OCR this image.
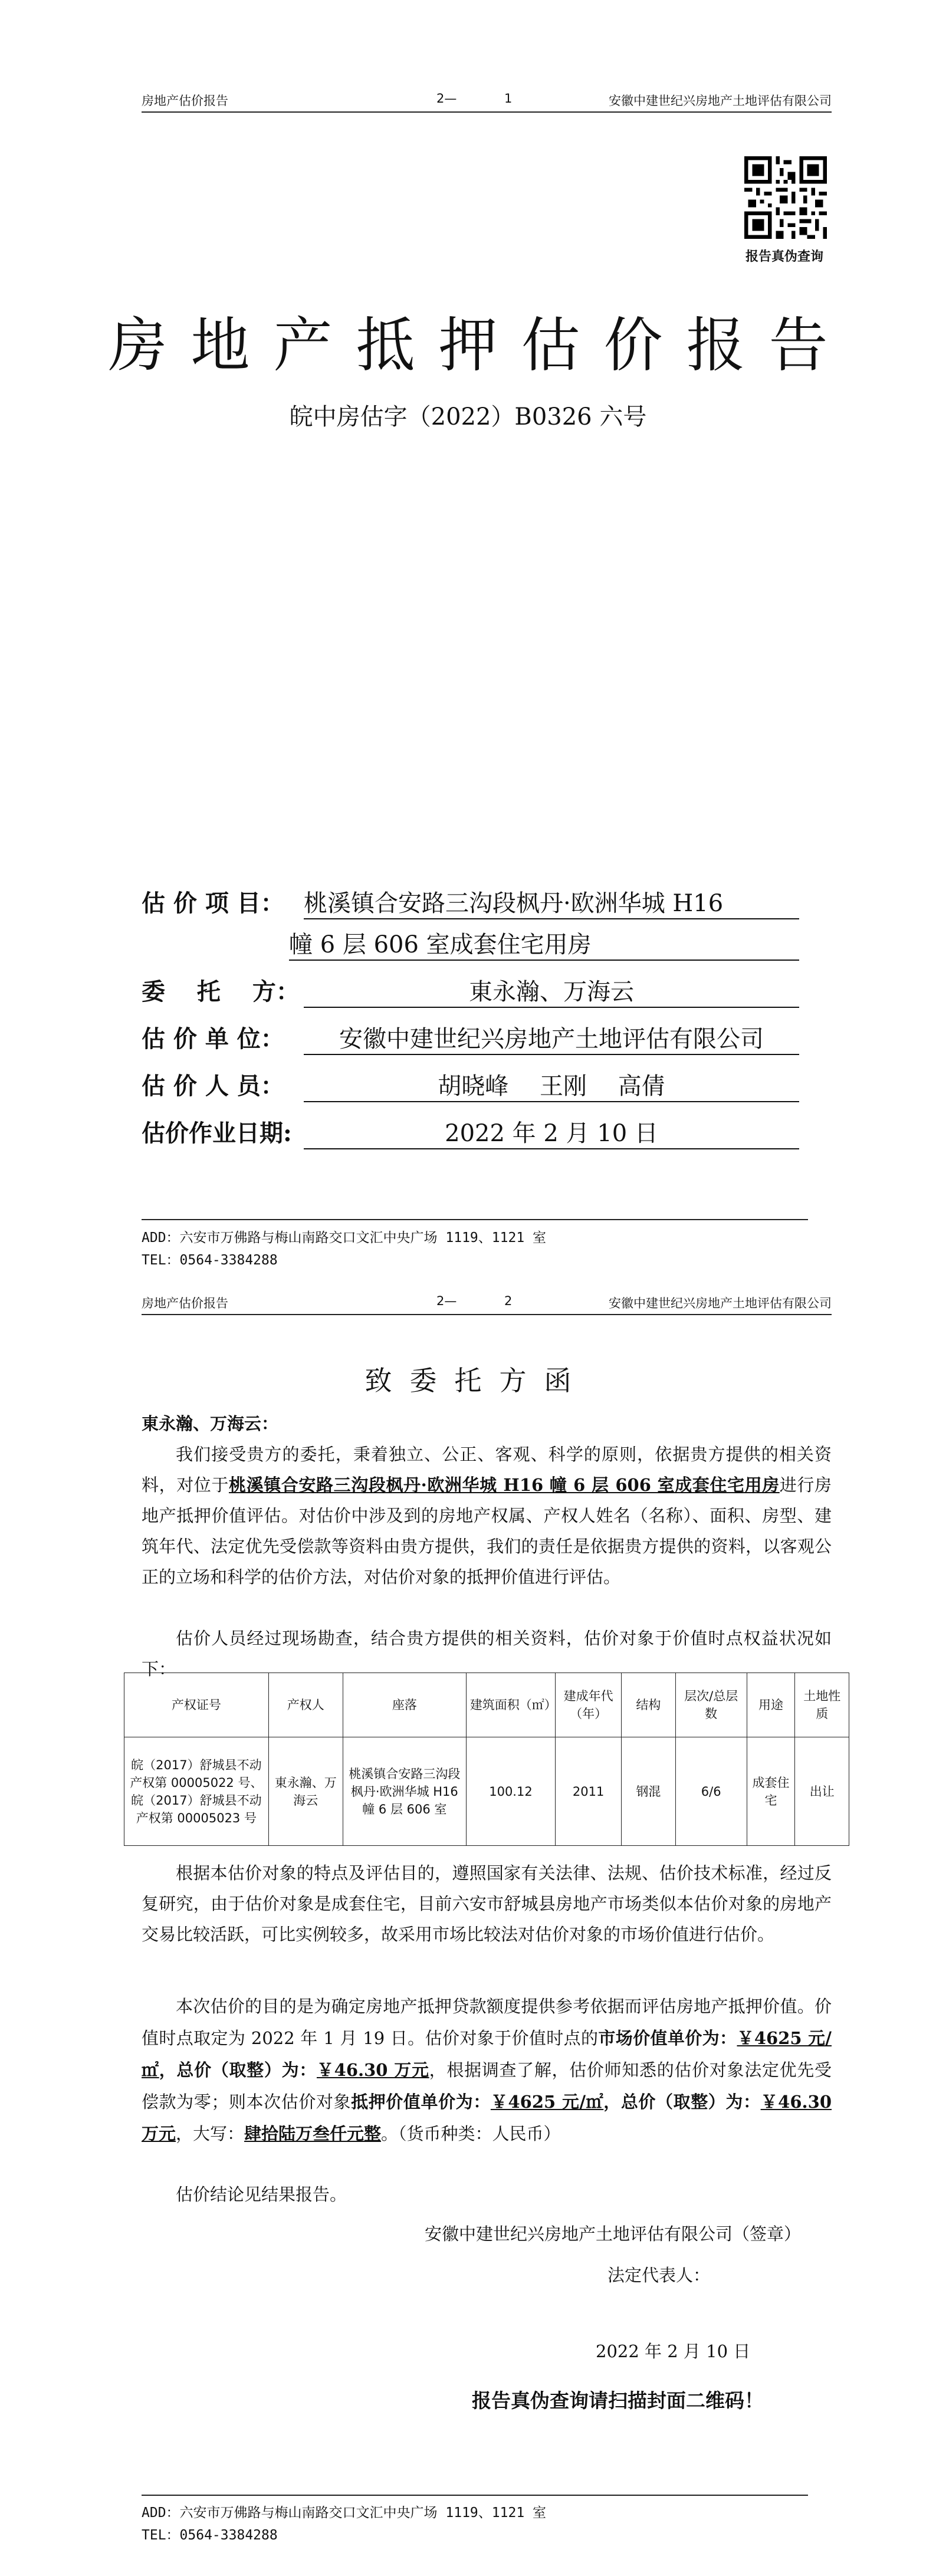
房地产估价报告	2—	1	安徽中建世纪兴房地产土地评估有限公司
报告真伪查询
房地产抵押估价报告
皖中房估字（2022）B0326 六号
估 价 项 目： 桃溪镇合安路三沟段枫丹·欧洲华城 H16
幢 6 层 606 室成套住宅用房
委　 托　 方：	東永瀚、万海云
估 价 单 位：	安徽中建世纪兴房地产土地评估有限公司
估 价 人 员：	胡晓峰　 王刚　 高倩
估价作业日期:	2022 年 2 月 10 日
ADD：六安市万佛路与梅山南路交口文汇中央广场 1119、1121 室
TEL：0564-3384288
房地产估价报告	2—	2	安徽中建世纪兴房地产土地评估有限公司
致委托方函
東永瀚、万海云：
我们接受贵方的委托，秉着独立、公正、客观、科学的原则，依据贵方提供的相关资料，对位于桃溪镇合安路三沟段枫丹·欧洲华城 H16 幢 6 层 606 室成套住宅用房进行房地产抵押价值评估。对估价中涉及到的房地产权属、产权人姓名（名称）、面积、房型、建筑年代、法定优先受偿款等资料由贵方提供，我们的责任是依据贵方提供的资料，以客观公正的立场和科学的估价方法，对估价对象的抵押价值进行评估。
估价人员经过现场勘查，结合贵方提供的相关资料，估价对象于价值时点权益状况如下：
产权证号	产权人	座落	建筑面积（㎡）	建成年代（年）	结构	层次/总层数	用途	土地性质
皖（2017）舒城县不动产权第 00005022 号、皖（2017）舒城县不动产权第 00005023 号	東永瀚、万海云	桃溪镇合安路三沟段枫丹·欧洲华城 H16 幢 6 层 606 室	100.12	2011	钢混	6/6	成套住宅	出让
根据本估价对象的特点及评估目的，遵照国家有关法律、法规、估价技术标准，经过反复研究，由于估价对象是成套住宅，目前六安市舒城县房地产市场类似本估价对象的房地产交易比较活跃，可比实例较多，故采用市场比较法对估价对象的市场价值进行估价。
本次估价的目的是为确定房地产抵押贷款额度提供参考依据而评估房地产抵押价值。价值时点取定为 2022 年 1 月 19 日。估价对象于价值时点的市场价值单价为：￥4625 元/㎡，总价（取整）为：￥46.30 万元，根据调查了解，估价师知悉的估价对象法定优先受偿款为零；则本次估价对象抵押价值单价为：￥4625 元/㎡，总价（取整）为：￥46.30 万元，大写：肆拾陆万叁仟元整。（货币种类：人民币）
估价结论见结果报告。
安徽中建世纪兴房地产土地评估有限公司（签章）
法定代表人：
2022 年 2 月 10 日
报告真伪查询请扫描封面二维码！
ADD：六安市万佛路与梅山南路交口文汇中央广场 1119、1121 室
TEL：0564-3384288
